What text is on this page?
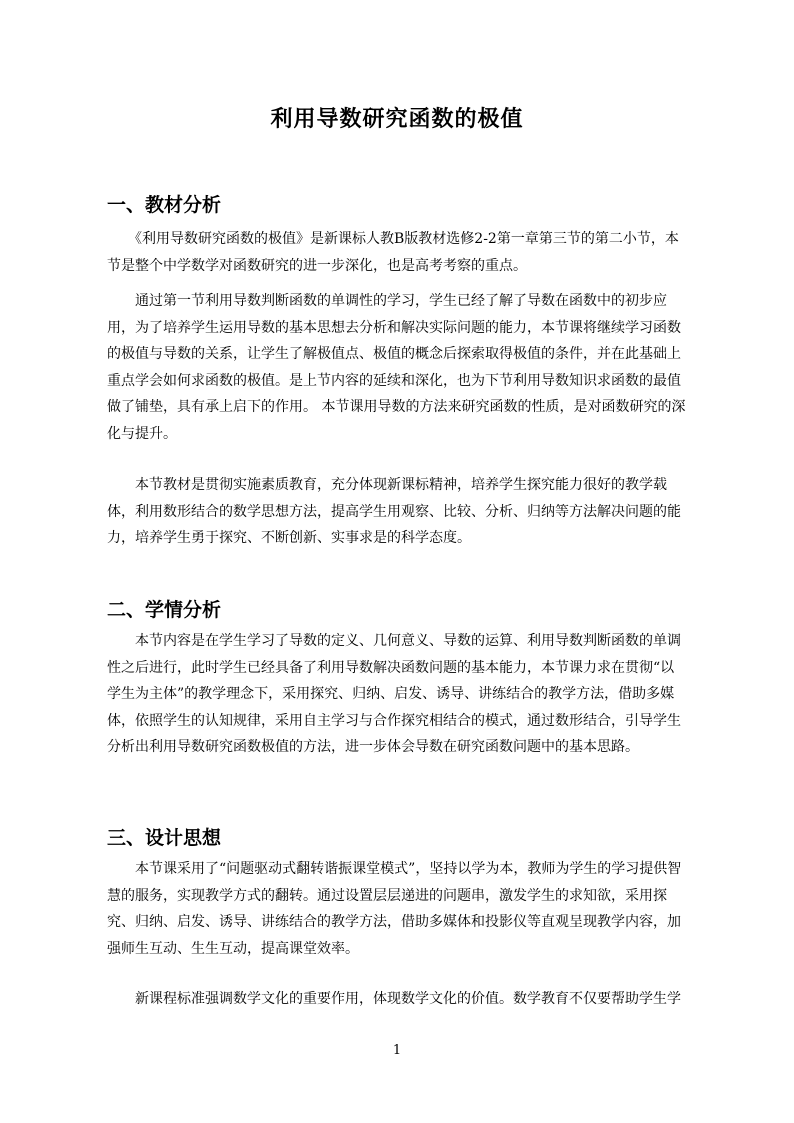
利用导数研究函数的极值
一、教材分析
　　《利用导数研究函数的极值》是新课标人教B版教材选修2-2第一章第三节的第二小节，本
节是整个中学数学对函数研究的进一步深化，也是高考考察的重点。
　　通过第一节利用导数判断函数的单调性的学习，学生已经了解了导数在函数中的初步应
用，为了培养学生运用导数的基本思想去分析和解决实际问题的能力，本节课将继续学习函数
的极值与导数的关系，让学生了解极值点、极值的概念后探索取得极值的条件，并在此基础上
重点学会如何求函数的极值。是上节内容的延续和深化，也为下节利用导数知识求函数的最值
做了铺垫，具有承上启下的作用。 本节课用导数的方法来研究函数的性质，是对函数研究的深
化与提升。
　　本节教材是贯彻实施素质教育，充分体现新课标精神，培养学生探究能力很好的教学载
体，利用数形结合的数学思想方法，提高学生用观察、比较、分析、归纳等方法解决问题的能
力，培养学生勇于探究、不断创新、实事求是的科学态度。
二、学情分析
　　本节内容是在学生学习了导数的定义、几何意义、导数的运算、利用导数判断函数的单调
性之后进行，此时学生已经具备了利用导数解决函数问题的基本能力，本节课力求在贯彻“以
学生为主体”的教学理念下，采用探究、归纳、启发、诱导、讲练结合的教学方法，借助多媒
体，依照学生的认知规律，采用自主学习与合作探究相结合的模式，通过数形结合，引导学生
分析出利用导数研究函数极值的方法，进一步体会导数在研究函数问题中的基本思路。
三、设计思想
　　本节课采用了“问题驱动式翻转谐振课堂模式”，坚持以学为本，教师为学生的学习提供智
慧的服务，实现教学方式的翻转。通过设置层层递进的问题串，激发学生的求知欲，采用探
究、归纳、启发、诱导、讲练结合的教学方法，借助多媒体和投影仪等直观呈现教学内容，加
强师生互动、生生互动，提高课堂效率。
　　新课程标准强调数学文化的重要作用，体现数学文化的价值。数学教育不仅要帮助学生学
1
